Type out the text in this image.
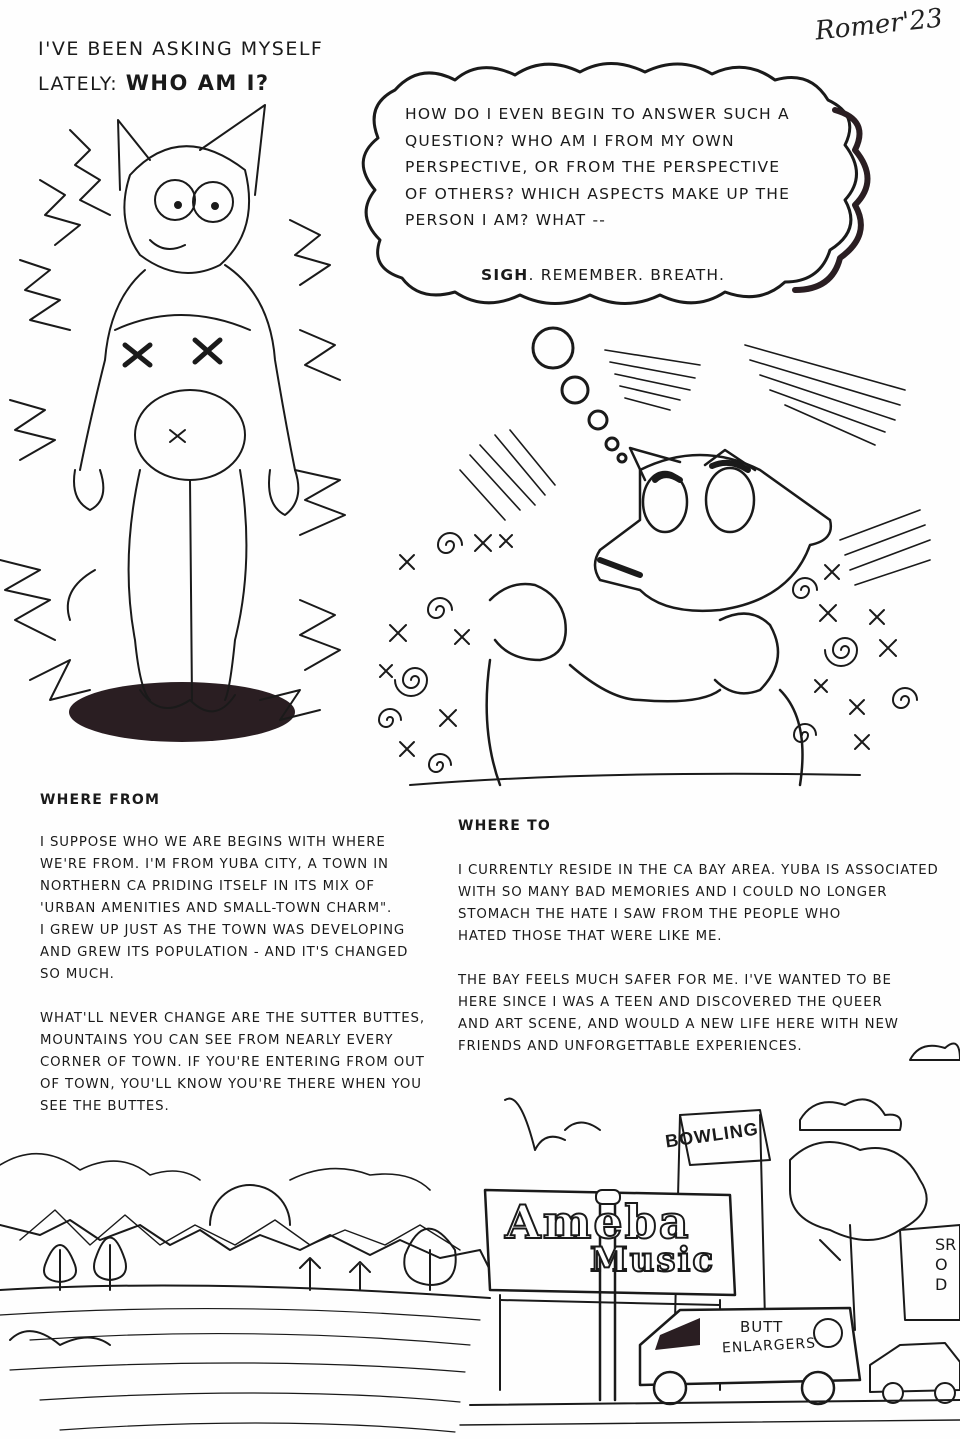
Romer'23
I'VE BEEN ASKING MYSELF
LATELY: WHO AM I?
HOW DO I EVEN BEGIN TO ANSWER SUCH A
QUESTION? WHO AM I FROM MY OWN
PERSPECTIVE, OR FROM THE PERSPECTIVE
OF OTHERS? WHICH ASPECTS MAKE UP THE
PERSON I AM? WHAT --
SIGH. REMEMBER. BREATH.
WHERE FROM

I SUPPOSE WHO WE ARE BEGINS WITH WHERE

WE'RE FROM. I'M FROM YUBA CITY, A TOWN IN

NORTHERN CA PRIDING ITSELF IN ITS MIX OF

'URBAN AMENITIES AND SMALL-TOWN CHARM".

I GREW UP JUST AS THE TOWN WAS DEVELOPING

AND GREW ITS POPULATION - AND IT'S CHANGED

SO MUCH.

WHAT'LL NEVER CHANGE ARE THE SUTTER BUTTES,

MOUNTAINS YOU CAN SEE FROM NEARLY EVERY

CORNER OF TOWN. IF YOU'RE ENTERING FROM OUT

OF TOWN, YOU'LL KNOW YOU'RE THERE WHEN YOU

SEE THE BUTTES.

WHERE TO

I CURRENTLY RESIDE IN THE CA BAY AREA. YUBA IS ASSOCIATED

WITH SO MANY BAD MEMORIES AND I COULD NO LONGER

STOMACH THE HATE I SAW FROM THE PEOPLE WHO

HATED THOSE THAT WERE LIKE ME.

THE BAY FEELS MUCH SAFER FOR ME. I'VE WANTED TO BE

HERE SINCE I WAS A TEEN AND DISCOVERED THE QUEER

AND ART SCENE, AND WOULD A NEW LIFE HERE WITH NEW

FRIENDS AND UNFORGETTABLE EXPERIENCES.

BOWLING
Ameba
Music
BUTT
ENLARGERS
SRO D
